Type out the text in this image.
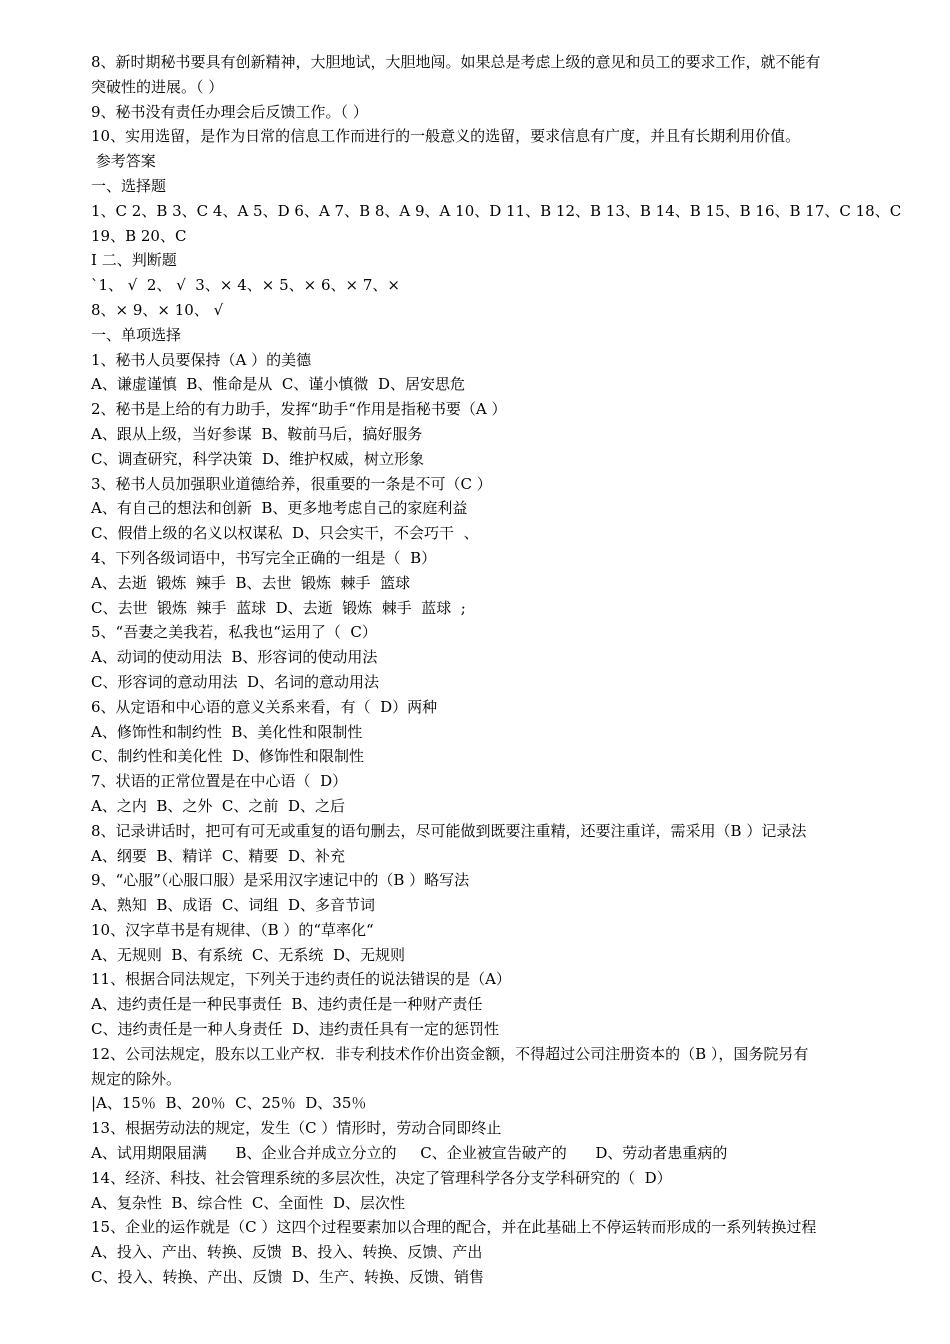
8、新时期秘书要具有创新精神，大胆地试，大胆地闯。如果总是考虑上级的意见和员工的要求工作，就不能有
突破性的进展。（ ）
9、秘书没有责任办理会后反馈工作。（ ）
10、实用选留，是作为日常的信息工作而进行的一般意义的选留，要求信息有广度，并且有长期利用价值。
参考答案
一、选择题
1、C 2、B 3、C 4、A 5、D 6、A 7、B 8、A 9、A 10、D 11、B 12、B 13、B 14、B 15、B 16、B 17、C 18、C
19、B 20、C
I 二、判断题
`1、 √  2、 √  3、× 4、× 5、× 6、× 7、×
8、× 9、× 10、 √
一、单项选择
1、秘书人员要保持（A ）的美德
A、谦虚谨慎  B、惟命是从  C、谨小慎微  D、居安思危
2、秘书是上给的有力助手，发挥“助手“作用是指秘书要（A ）
A、跟从上级，当好参谋  B、鞍前马后，搞好服务
C、调查研究，科学决策  D、维护权威，树立形象
3、秘书人员加强职业道德给养，很重要的一条是不可（C ）
A、有自己的想法和创新  B、更多地考虑自己的家庭利益
C、假借上级的名义以权谋私  D、只会实干，不会巧干  、
4、下列各级词语中，书写完全正确的一组是（  B）
A、去逝  锻炼  辣手  B、去世  锻炼  棘手  篮球
C、去世  锻炼  辣手  蓝球  D、去逝  锻炼  棘手  蓝球  ;
5、“吾妻之美我若，私我也“运用了（  C）
A、动词的使动用法  B、形容词的使动用法
C、形容词的意动用法  D、名词的意动用法
6、从定语和中心语的意义关系来看，有（  D）两种
A、修饰性和制约性  B、美化性和限制性
C、制约性和美化性  D、修饰性和限制性
7、状语的正常位置是在中心语（  D）
A、之内  B、之外  C、之前  D、之后
8、记录讲话时，把可有可无或重复的语句删去，尽可能做到既要注重精，还要注重详，需采用（B ）记录法
A、纲要  B、精详  C、精要  D、补充
9、“心服”（心服口服）是采用汉字速记中的（B ）略写法
A、熟知  B、成语  C、词组  D、多音节词
10、汉字草书是有规律、（B ）的“草率化“
A、无规则  B、有系统  C、无系统  D、无规则
11、根据合同法规定，下列关于违约责任的说法错误的是（A）
A、违约责任是一种民事责任  B、违约责任是一种财产责任
C、违约责任是一种人身责任  D、违约责任具有一定的惩罚性
12、公司法规定，股东以工业产权．非专利技术作价出资金额，不得超过公司注册资本的（B ），国务院另有
规定的除外。
|A、15％  B、20％  C、25％  D、35％
13、根据劳动法的规定，发生（C ）情形时，劳动合同即终止
A、试用期限届满      B、企业合并成立分立的     C、企业被宣告破产的      D、劳动者患重病的
14、经济、科技、社会管理系统的多层次性，决定了管理科学各分支学科研究的（  D）
A、复杂性  B、综合性  C、全面性  D、层次性
15、企业的运作就是（C ）这四个过程要素加以合理的配合，并在此基础上不停运转而形成的一系列转换过程
A、投入、产出、转换、反馈  B、投入、转换、反馈、产出
C、投入、转换、产出、反馈  D、生产、转换、反馈、销售
